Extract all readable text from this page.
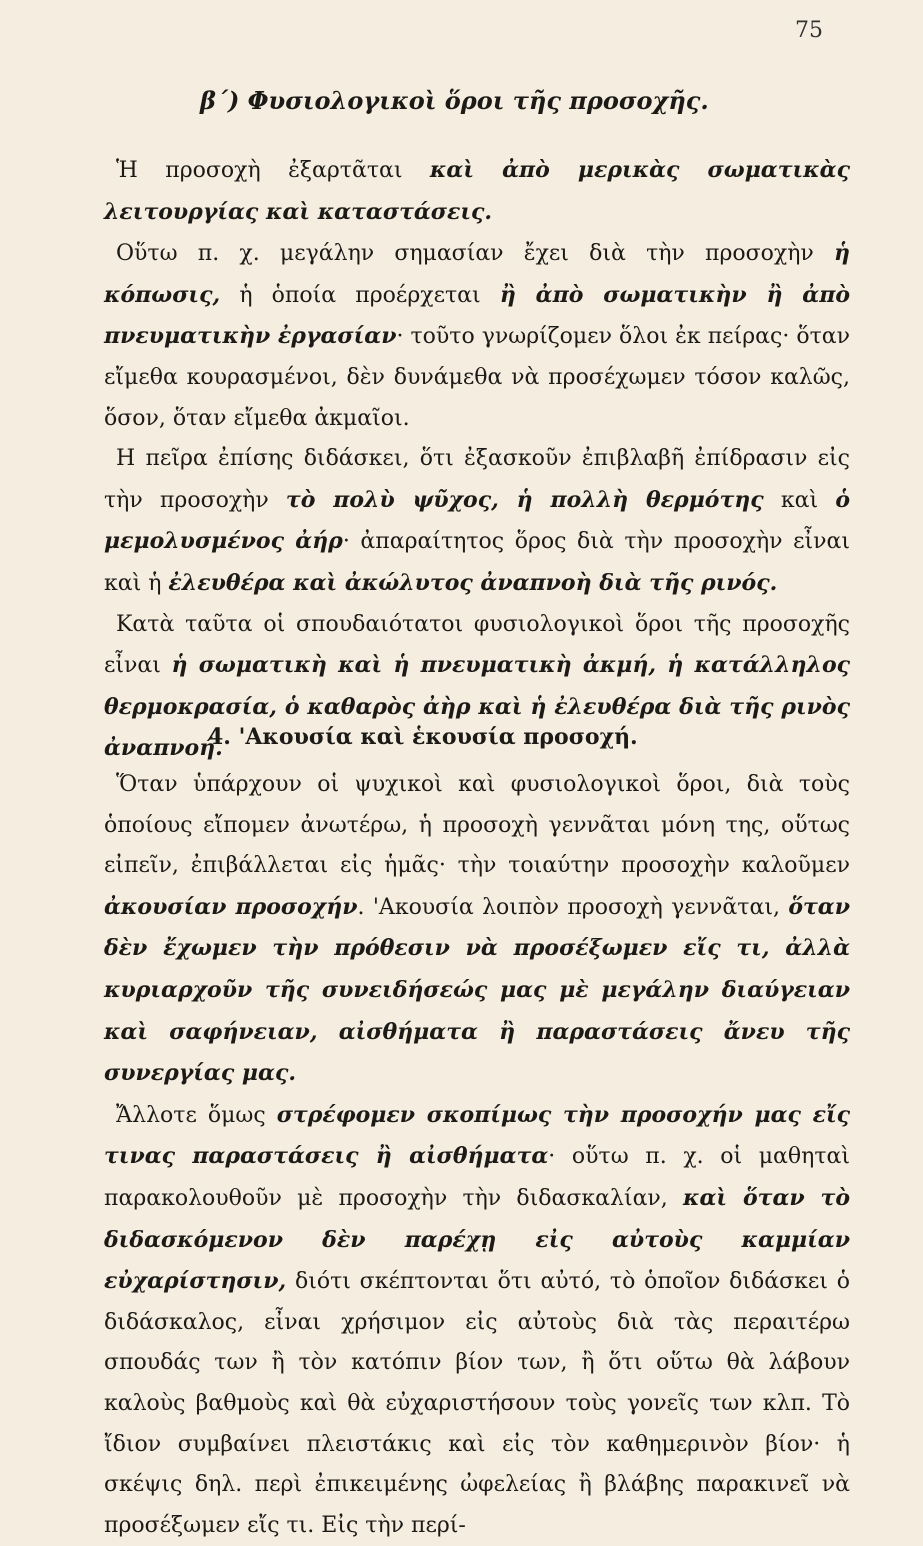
75
β΄) Φυσιολογικοὶ ὅροι τῆς προσοχῆς.

Ἡ προσοχὴ ἐξαρτᾶται καὶ ἀπὸ μερικὰς σωματικὰς λειτουργίας καὶ καταστάσεις.

Οὕτω π. χ. μεγάλην σημασίαν ἔχει διὰ τὴν προσοχὴν ἡ κόπωσις, ἡ ὁποία προέρχεται ἢ ἀπὸ σωματικὴν ἢ ἀπὸ πνευματικὴν ἐργασίαν· τοῦτο γνωρίζομεν ὅλοι ἐκ πείρας· ὅταν εἴμεθα κουρασμένοι, δὲν δυνάμεθα νὰ προσέχωμεν τόσον καλῶς, ὅσον, ὅταν εἴμεθα ἀκμαῖοι.

Η πεῖρα ἐπίσης διδάσκει, ὅτι ἐξασκοῦν ἐπιβλαβῆ ἐπίδρασιν εἰς τὴν προσοχὴν τὸ πολὺ ψῦχος, ἡ πολλὴ θερμότης καὶ ὁ μεμολυσμένος ἀήρ· ἀπαραίτητος ὅρος διὰ τὴν προσοχὴν εἶναι καὶ ἡ ἐλευθέρα καὶ ἀκώλυτος ἀναπνοὴ διὰ τῆς ρινός.

Κατὰ ταῦτα οἱ σπουδαιότατοι φυσιολογικοὶ ὅροι τῆς προσοχῆς εἶναι ἡ σωματικὴ καὶ ἡ πνευματικὴ ἀκμή, ἡ κατάλληλος θερμοκρασία, ὁ καθαρὸς ἀὴρ καὶ ἡ ἐλευθέρα διὰ τῆς ρινὸς ἀναπνοή.

4. 'Ακουσία καὶ ἑκουσία προσοχή.

Ὅταν ὑπάρχουν οἱ ψυχικοὶ καὶ φυσιολογικοὶ ὅροι, διὰ τοὺς ὁποίους εἴπομεν ἀνωτέρω, ἡ προσοχὴ γεννᾶται μόνη της, οὕτως εἰπεῖν, ἐπιβάλλεται εἰς ἡμᾶς· τὴν τοιαύτην προσοχὴν καλοῦμεν ἀκουσίαν προσοχήν. 'Ακουσία λοιπὸν προσοχὴ γεννᾶται, ὅταν δὲν ἔχωμεν τὴν πρόθεσιν νὰ προσέξωμεν εἴς τι, ἀλλὰ κυριαρχοῦν τῆς συνειδήσεώς μας μὲ μεγάλην διαύγειαν καὶ σαφήνειαν, αἰσθήματα ἢ παραστάσεις ἄνευ τῆς συνεργίας μας.

Ἄλλοτε ὅμως στρέφομεν σκοπίμως τὴν προσοχήν μας εἴς τινας παραστάσεις ἢ αἰσθήματα· οὕτω π. χ. οἱ μαθηταὶ παρακολουθοῦν μὲ προσοχὴν τὴν διδασκαλίαν, καὶ ὅταν τὸ διδασκόμενον δὲν παρέχῃ εἰς αὐτοὺς καμμίαν εὐχαρίστησιν, διότι σκέπτονται ὅτι αὐτό, τὸ ὁποῖον διδάσκει ὁ διδάσκαλος, εἶναι χρήσιμον εἰς αὐτοὺς διὰ τὰς περαιτέρω σπουδάς των ἢ τὸν κατόπιν βίον των, ἢ ὅτι οὕτω θὰ λάβουν καλοὺς βαθμοὺς καὶ θὰ εὐχαριστήσουν τοὺς γονεῖς των κλπ. Τὸ ἴδιον συμβαίνει πλειστάκις καὶ εἰς τὸν καθημερινὸν βίον· ἡ σκέψις δηλ. περὶ ἐπικειμένης ὠφελείας ἢ βλάβης παρακινεῖ νὰ προσέξωμεν εἴς τι. Εἰς τὴν περί-
